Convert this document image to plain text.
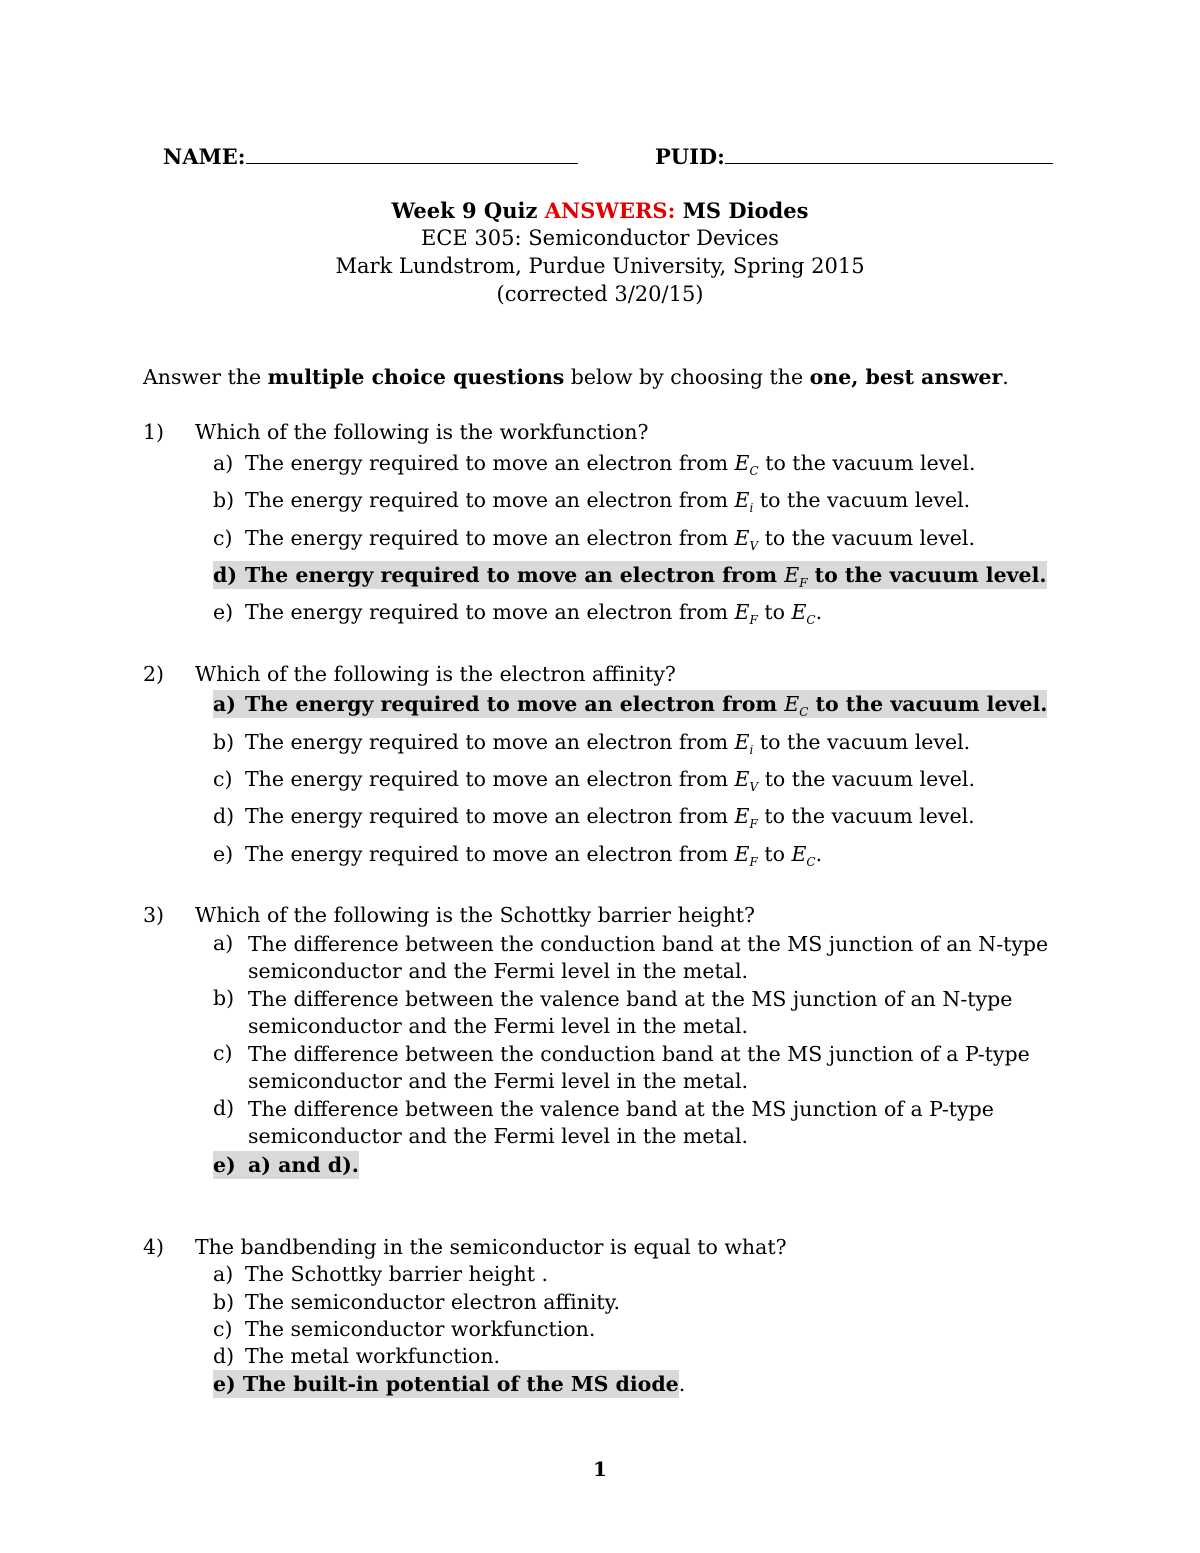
NAME:	PUID:
Week 9 Quiz ANSWERS: MS Diodes
ECE 305: Semiconductor Devices
Mark Lundstrom, Purdue University, Spring 2015
(corrected 3/20/15)
Answer the multiple choice questions below by choosing the one, best answer.
1) Which of the following is the workfunction?
a) The energy required to move an electron from $E_C$ to the vacuum level.
b) The energy required to move an electron from $E_i$ to the vacuum level.
c) The energy required to move an electron from $E_V$ to the vacuum level.
d) The energy required to move an electron from $E_F$ to the vacuum level.
e) The energy required to move an electron from $E_F$ to $E_C$.
2) Which of the following is the electron affinity?
a) The energy required to move an electron from $E_C$ to the vacuum level.
b) The energy required to move an electron from $E_i$ to the vacuum level.
c) The energy required to move an electron from $E_V$ to the vacuum level.
d) The energy required to move an electron from $E_F$ to the vacuum level.
e) The energy required to move an electron from $E_F$ to $E_C$.
3) Which of the following is the Schottky barrier height?
a) The difference between the conduction band at the MS junction of an N-type
semiconductor and the Fermi level in the metal.
b) The difference between the valence band at the MS junction of an N-type
semiconductor and the Fermi level in the metal.
c) The difference between the conduction band at the MS junction of a P-type
semiconductor and the Fermi level in the metal.
d) The difference between the valence band at the MS junction of a P-type
semiconductor and the Fermi level in the metal.
e) a) and d).
4) The bandbending in the semiconductor is equal to what?
a) The Schottky barrier height .
b) The semiconductor electron affinity.
c) The semiconductor workfunction.
d) The metal workfunction.
e) The built-in potential of the MS diode.
1
